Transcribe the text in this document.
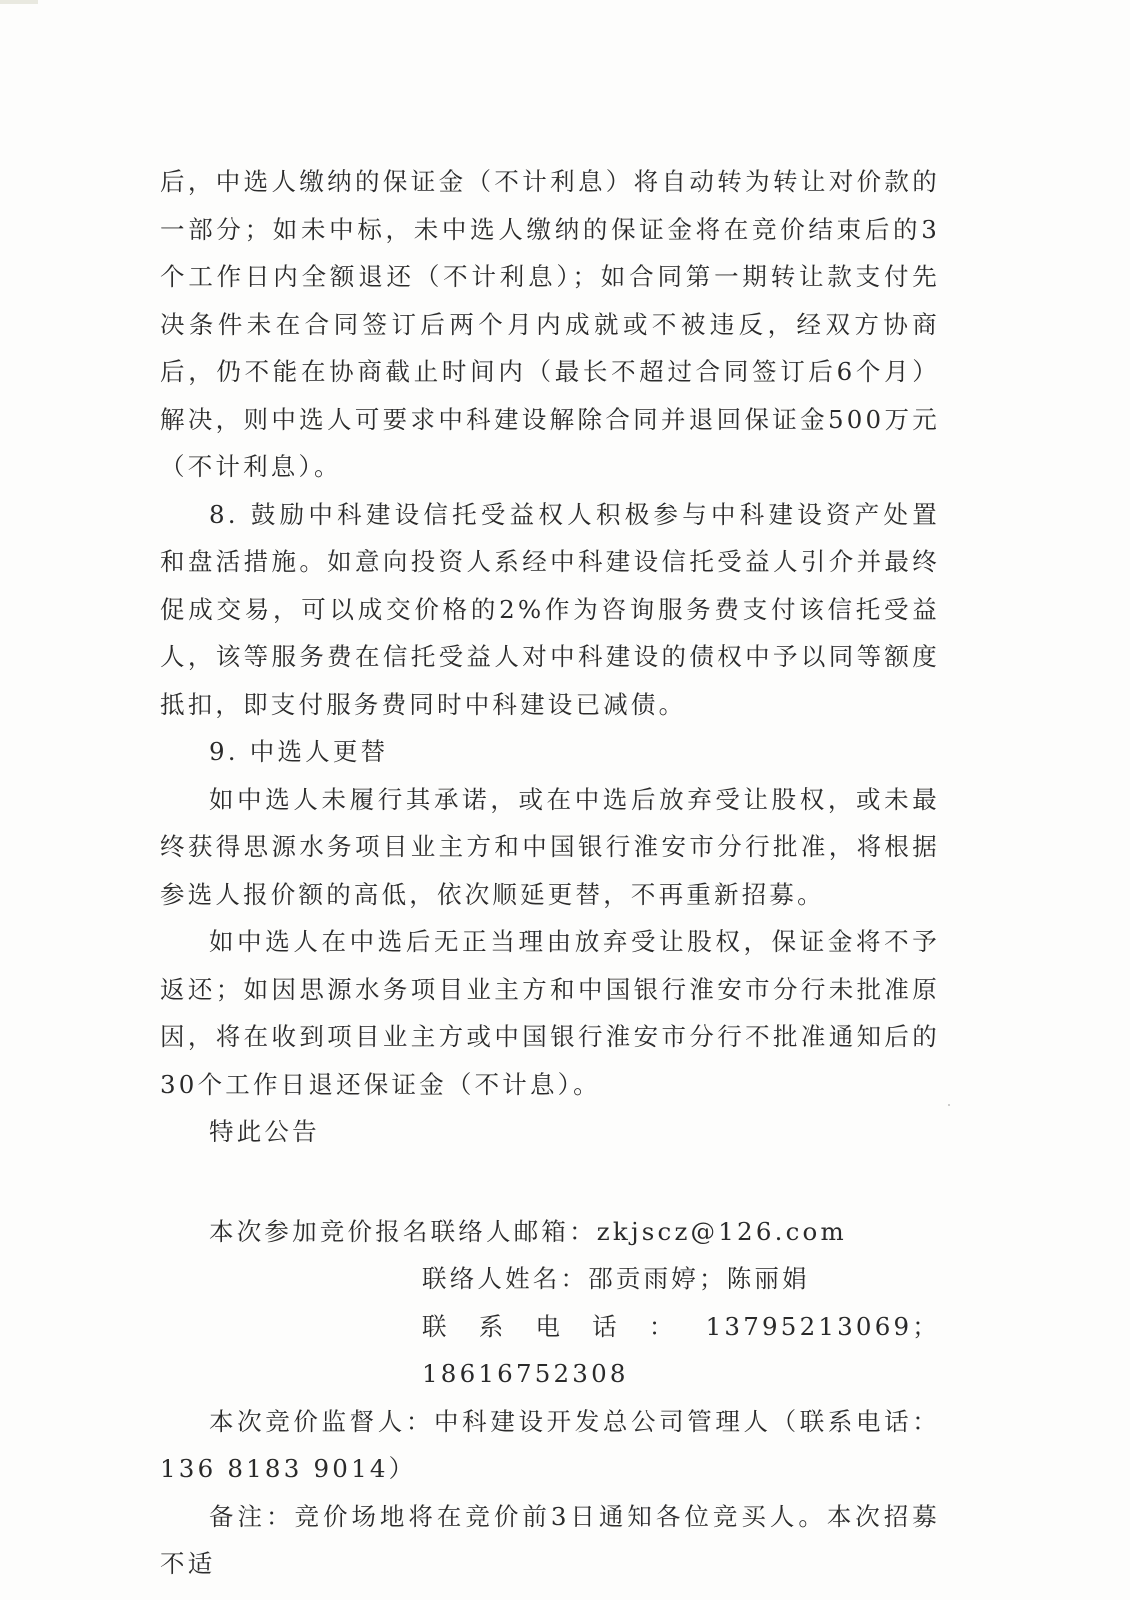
后，中选人缴纳的保证金（不计利息）将自动转为转让对价款的一部分；如未中标，未中选人缴纳的保证金将在竞价结束后的3个工作日内全额退还（不计利息）；如合同第一期转让款支付先决条件未在合同签订后两个月内成就或不被违反，经双方协商后，仍不能在协商截止时间内（最长不超过合同签订后6个月）解决，则中选人可要求中科建设解除合同并退回保证金500万元（不计利息）。

8. 鼓励中科建设信托受益权人积极参与中科建设资产处置和盘活措施。如意向投资人系经中科建设信托受益人引介并最终促成交易，可以成交价格的2%作为咨询服务费支付该信托受益人，该等服务费在信托受益人对中科建设的债权中予以同等额度抵扣，即支付服务费同时中科建设已减债。

9. 中选人更替

如中选人未履行其承诺，或在中选后放弃受让股权，或未最终获得思源水务项目业主方和中国银行淮安市分行批准，将根据参选人报价额的高低，依次顺延更替，不再重新招募。

如中选人在中选后无正当理由放弃受让股权，保证金将不予返还；如因思源水务项目业主方和中国银行淮安市分行未批准原因，将在收到项目业主方或中国银行淮安市分行不批准通知后的30个工作日退还保证金（不计息）。

特此公告

本次参加竞价报名联络人邮箱：zkjscz@126.com

联络人姓名：邵贡雨婷；陈丽娟

联系电话：13795213069；18616752308

本次竞价监督人：中科建设开发总公司管理人（联系电话：136 8183 9014）

备注：竞价场地将在竞价前3日通知各位竞买人。本次招募不适
